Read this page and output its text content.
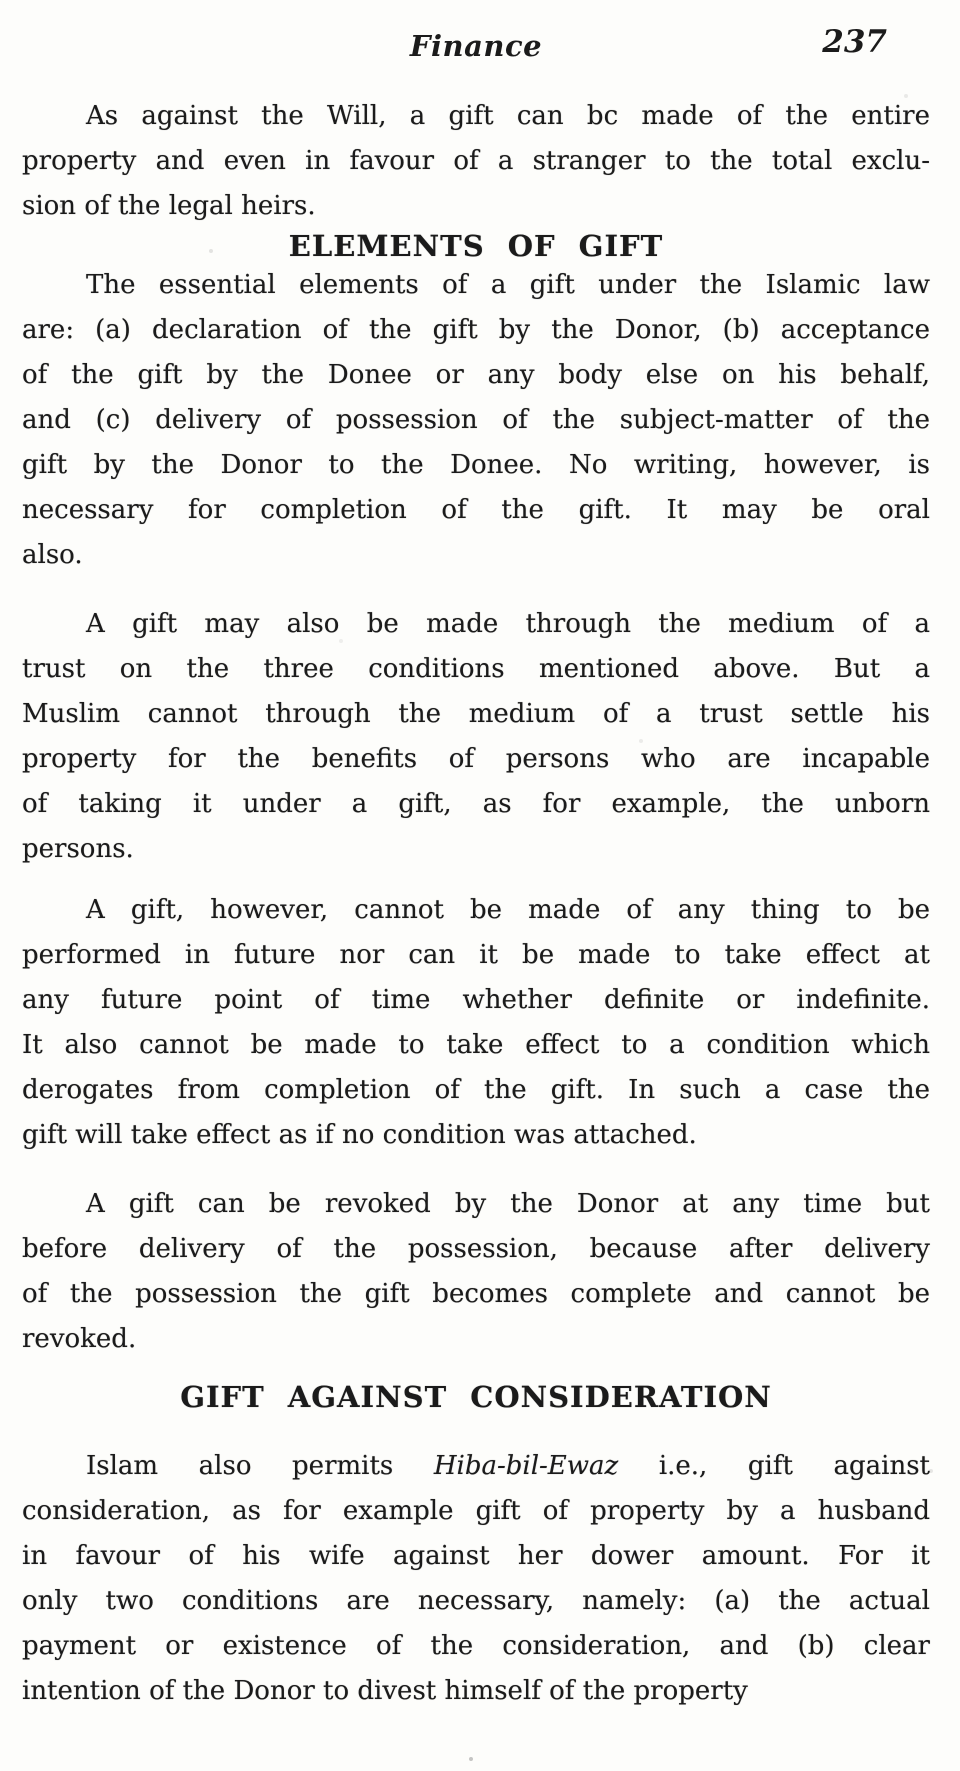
Finance	237
As against the Will, a gift can bc made of the entire
property and even in favour of a stranger to the total exclu-
sion of the legal heirs.
ELEMENTS OF GIFT
The essential elements of a gift under the Islamic law
are: (a) declaration of the gift by the Donor, (b) acceptance
of the gift by the Donee or any body else on his behalf,
and (c) delivery of possession of the subject-matter of the
gift by the Donor to the Donee. No writing, however, is
necessary for completion of the gift. It may be oral
also.
A gift may also be made through the medium of a
trust on the three conditions mentioned above. But a
Muslim cannot through the medium of a trust settle his
property for the benefits of persons who are incapable
of taking it under a gift, as for example, the unborn
persons.
A gift, however, cannot be made of any thing to be
performed in future nor can it be made to take effect at
any future point of time whether definite or indefinite.
It also cannot be made to take effect to a condition which
derogates from completion of the gift. In such a case the
gift will take effect as if no condition was attached.
A gift can be revoked by the Donor at any time but
before delivery of the possession, because after delivery
of the possession the gift becomes complete and cannot be
revoked.
GIFT AGAINST CONSIDERATION
Islam also permits Hiba-bil-Ewaz i.e., gift against
consideration, as for example gift of property by a husband
in favour of his wife against her dower amount. For it
only two conditions are necessary, namely: (a) the actual
payment or existence of the consideration, and (b) clear
intention of the Donor to divest himself of the property
